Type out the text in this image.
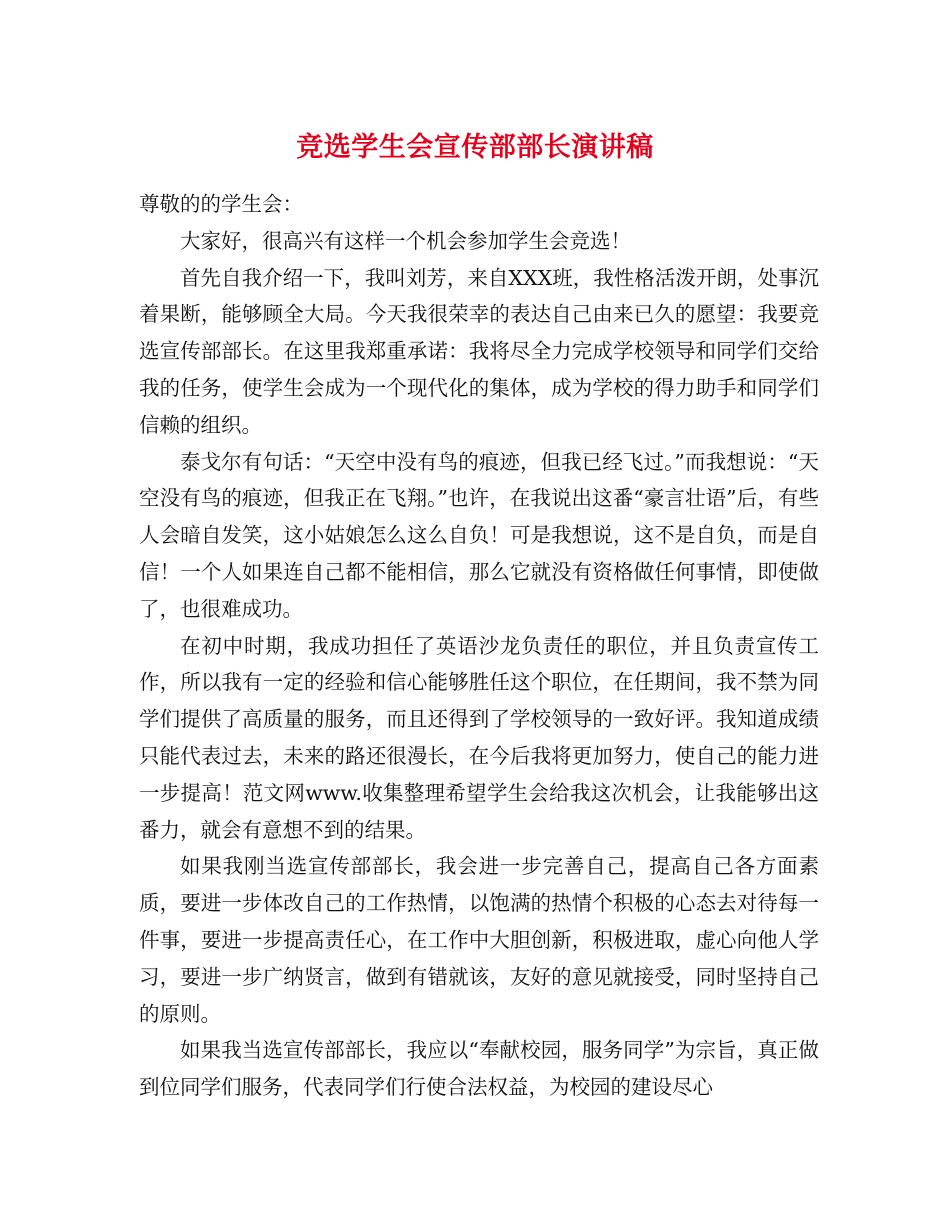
竞选学生会宣传部部长演讲稿

尊敬的的学生会：

大家好，很高兴有这样一个机会参加学生会竞选！

首先自我介绍一下，我叫刘芳，来自XXX班，我性格活泼开朗，处事沉着果断，能够顾全大局。今天我很荣幸的表达自己由来已久的愿望：我要竞选宣传部部长。在这里我郑重承诺：我将尽全力完成学校领导和同学们交给我的任务，使学生会成为一个现代化的集体，成为学校的得力助手和同学们信赖的组织。

泰戈尔有句话：“天空中没有鸟的痕迹，但我已经飞过。”而我想说：“天空没有鸟的痕迹，但我正在飞翔。”也许，在我说出这番“豪言壮语”后，有些人会暗自发笑，这小姑娘怎么这么自负！可是我想说，这不是自负，而是自信！一个人如果连自己都不能相信，那么它就没有资格做任何事情，即使做了，也很难成功。

在初中时期，我成功担任了英语沙龙负责任的职位，并且负责宣传工作，所以我有一定的经验和信心能够胜任这个职位，在任期间，我不禁为同学们提供了高质量的服务，而且还得到了学校领导的一致好评。我知道成绩只能代表过去，未来的路还很漫长，在今后我将更加努力，使自己的能力进一步提高！范文网www.收集整理希望学生会给我这次机会，让我能够出这番力，就会有意想不到的结果。

如果我刚当选宣传部部长，我会进一步完善自己，提高自己各方面素质，要进一步体改自己的工作热情，以饱满的热情个积极的心态去对待每一件事，要进一步提高责任心，在工作中大胆创新，积极进取，虚心向他人学习，要进一步广纳贤言，做到有错就该，友好的意见就接受，同时坚持自己的原则。

如果我当选宣传部部长，我应以“奉献校园，服务同学”为宗旨，真正做到位同学们服务，代表同学们行使合法权益，为校园的建设尽心
